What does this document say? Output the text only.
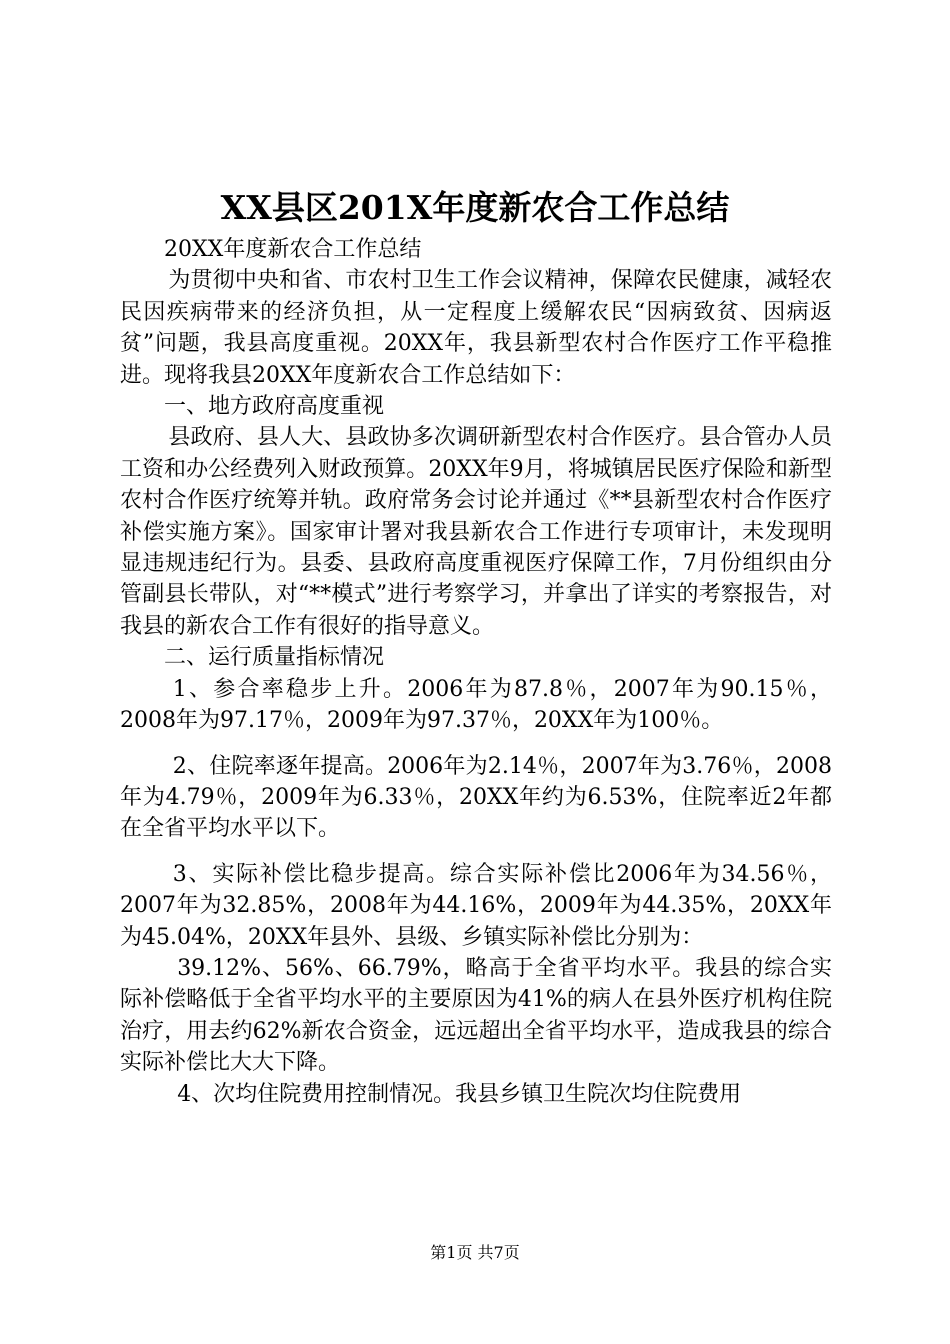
XX县区201X年度新农合工作总结

20XX年度新农合工作总结

为贯彻中央和省、市农村卫生工作会议精神，保障农民健康，减轻农民因疾病带来的经济负担，从一定程度上缓解农民“因病致贫、因病返贫”问题，我县高度重视。20XX年，我县新型农村合作医疗工作平稳推进。现将我县20XX年度新农合工作总结如下：

一、地方政府高度重视

县政府、县人大、县政协多次调研新型农村合作医疗。县合管办人员工资和办公经费列入财政预算。20XX年9月，将城镇居民医疗保险和新型农村合作医疗统筹并轨。政府常务会讨论并通过《**县新型农村合作医疗补偿实施方案》。国家审计署对我县新农合工作进行专项审计，未发现明显违规违纪行为。县委、县政府高度重视医疗保障工作，7月份组织由分管副县长带队，对“**模式”进行考察学习，并拿出了详实的考察报告，对我县的新农合工作有很好的指导意义。

二、运行质量指标情况

1、参合率稳步上升。2006年为87.8％，2007年为90.15％，2008年为97.17％，2009年为97.37％，20XX年为100％。

2、住院率逐年提高。2006年为2.14％，2007年为3.76％，2008年为4.79％，2009年为6.33％，20XX年约为6.53%，住院率近2年都在全省平均水平以下。

3、实际补偿比稳步提高。综合实际补偿比2006年为34.56％，2007年为32.85%，2008年为44.16%，2009年为44.35%，20XX年为45.04%，20XX年县外、县级、乡镇实际补偿比分别为：

39.12%、56%、66.79%，略高于全省平均水平。我县的综合实际补偿略低于全省平均水平的主要原因为41%的病人在县外医疗机构住院治疗，用去约62%新农合资金，远远超出全省平均水平，造成我县的综合实际补偿比大大下降。

4、次均住院费用控制情况。我县乡镇卫生院次均住院费用

第1页 共7页
